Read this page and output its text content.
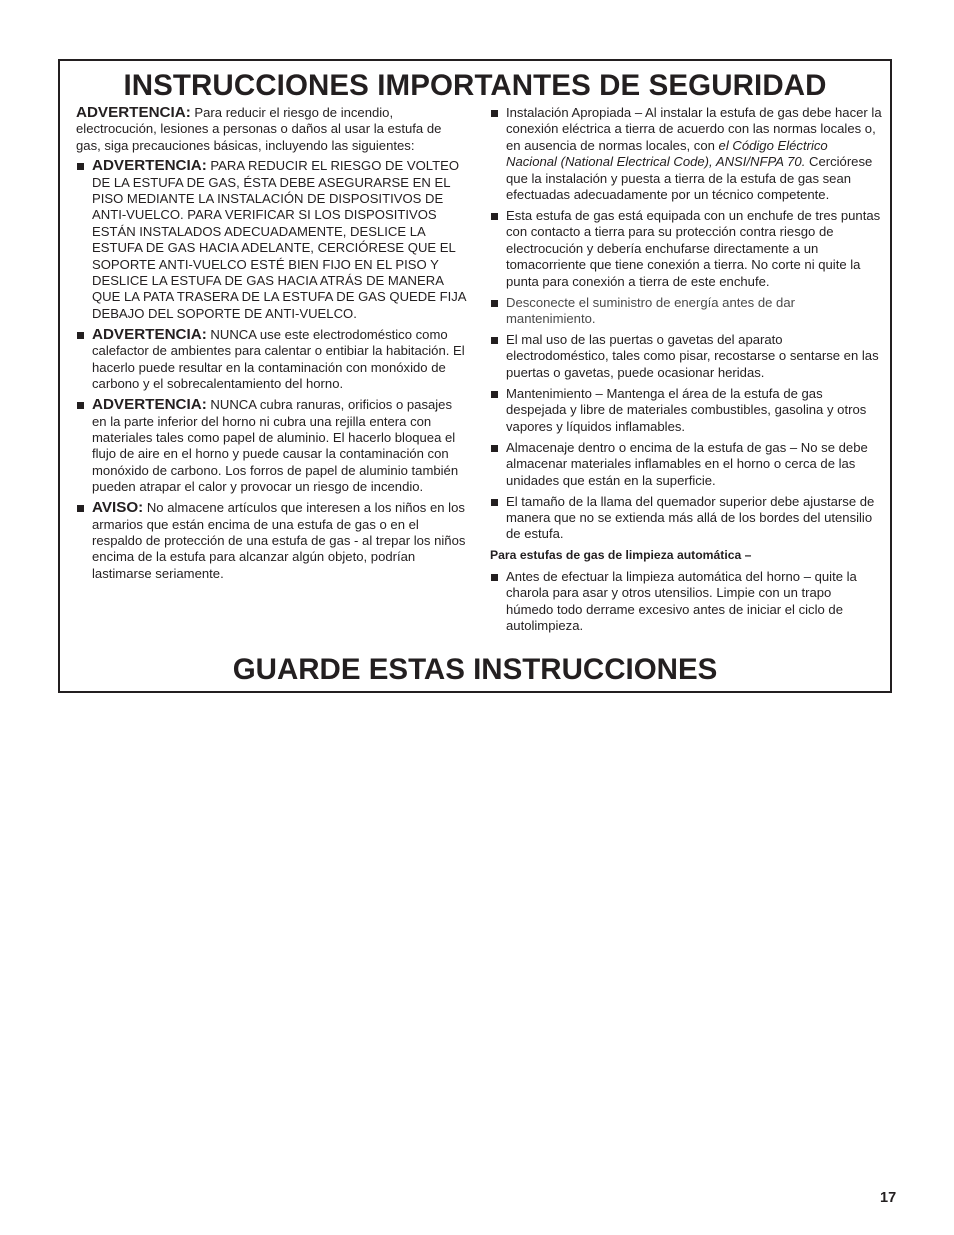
INSTRUCCIONES IMPORTANTES DE SEGURIDAD

ADVERTENCIA: Para reducir el riesgo de incendio, electrocución, lesiones a personas o daños al usar la estufa de gas, siga precauciones básicas, incluyendo las siguientes:

ADVERTENCIA: PARA REDUCIR EL RIESGO DE VOLTEO DE LA ESTUFA DE GAS, ÉSTA DEBE ASEGURARSE EN EL PISO MEDIANTE LA INSTALACIÓN DE DISPOSITIVOS DE ANTI-VUELCO. PARA VERIFICAR SI LOS DISPOSITIVOS ESTÁN INSTALADOS ADECUADAMENTE, DESLICE LA ESTUFA DE GAS HACIA ADELANTE, CERCIÓRESE QUE EL SOPORTE ANTI-VUELCO ESTÉ BIEN FIJO EN EL PISO Y DESLICE LA ESTUFA DE GAS HACIA ATRÁS DE MANERA QUE LA PATA TRASERA DE LA ESTUFA DE GAS QUEDE FIJA DEBAJO DEL SOPORTE DE ANTI-VUELCO.
ADVERTENCIA: NUNCA use este electrodoméstico como calefactor de ambientes para calentar o entibiar la habitación. El hacerlo puede resultar en la contaminación con monóxido de carbono y el sobrecalentamiento del horno.
ADVERTENCIA: NUNCA cubra ranuras, orificios o pasajes en la parte inferior del horno ni cubra una rejilla entera con materiales tales como papel de aluminio. El hacerlo bloquea el flujo de aire en el horno y puede causar la contaminación con monóxido de carbono. Los forros de papel de aluminio también pueden atrapar el calor y provocar un riesgo de incendio.
AVISO: No almacene artículos que interesen a los niños en los armarios que están encima de una estufa de gas o en el respaldo de protección de una estufa de gas - al trepar los niños encima de la estufa para alcanzar algún objeto, podrían lastimarse seriamente.
Instalación Apropiada – Al instalar la estufa de gas debe hacer la conexión eléctrica a tierra de acuerdo con las normas locales o, en ausencia de normas locales, con el Código Eléctrico Nacional (National Electrical Code), ANSI/NFPA 70. Cerciórese que la instalación y puesta a tierra de la estufa de gas sean efectuadas adecuadamente por un técnico competente.
Esta estufa de gas está equipada con un enchufe de tres puntas con contacto a tierra para su protección contra riesgo de electrocución y debería enchufarse directamente a un tomacorriente que tiene conexión a tierra. No corte ni quite la punta para conexión a tierra de este enchufe.
Desconecte el suministro de energía antes de dar mantenimiento.
El mal uso de las puertas o gavetas del aparato electrodoméstico, tales como pisar, recostarse o sentarse en las puertas o gavetas, puede ocasionar heridas.
Mantenimiento – Mantenga el área de la estufa de gas despejada y libre de materiales combustibles, gasolina y otros vapores y líquidos inflamables.
Almacenaje dentro o encima de la estufa de gas – No se debe almacenar materiales inflamables en el horno o cerca de las unidades que están en la superficie.
El tamaño de la llama del quemador superior debe ajustarse de manera que no se extienda más allá de los bordes del utensilio de estufa.
Para estufas de gas de limpieza automática –
Antes de efectuar la limpieza automática del horno – quite la charola para asar y otros utensilios. Limpie con un trapo húmedo todo derrame excesivo antes de iniciar el ciclo de autolimpieza.
GUARDE ESTAS INSTRUCCIONES
17
